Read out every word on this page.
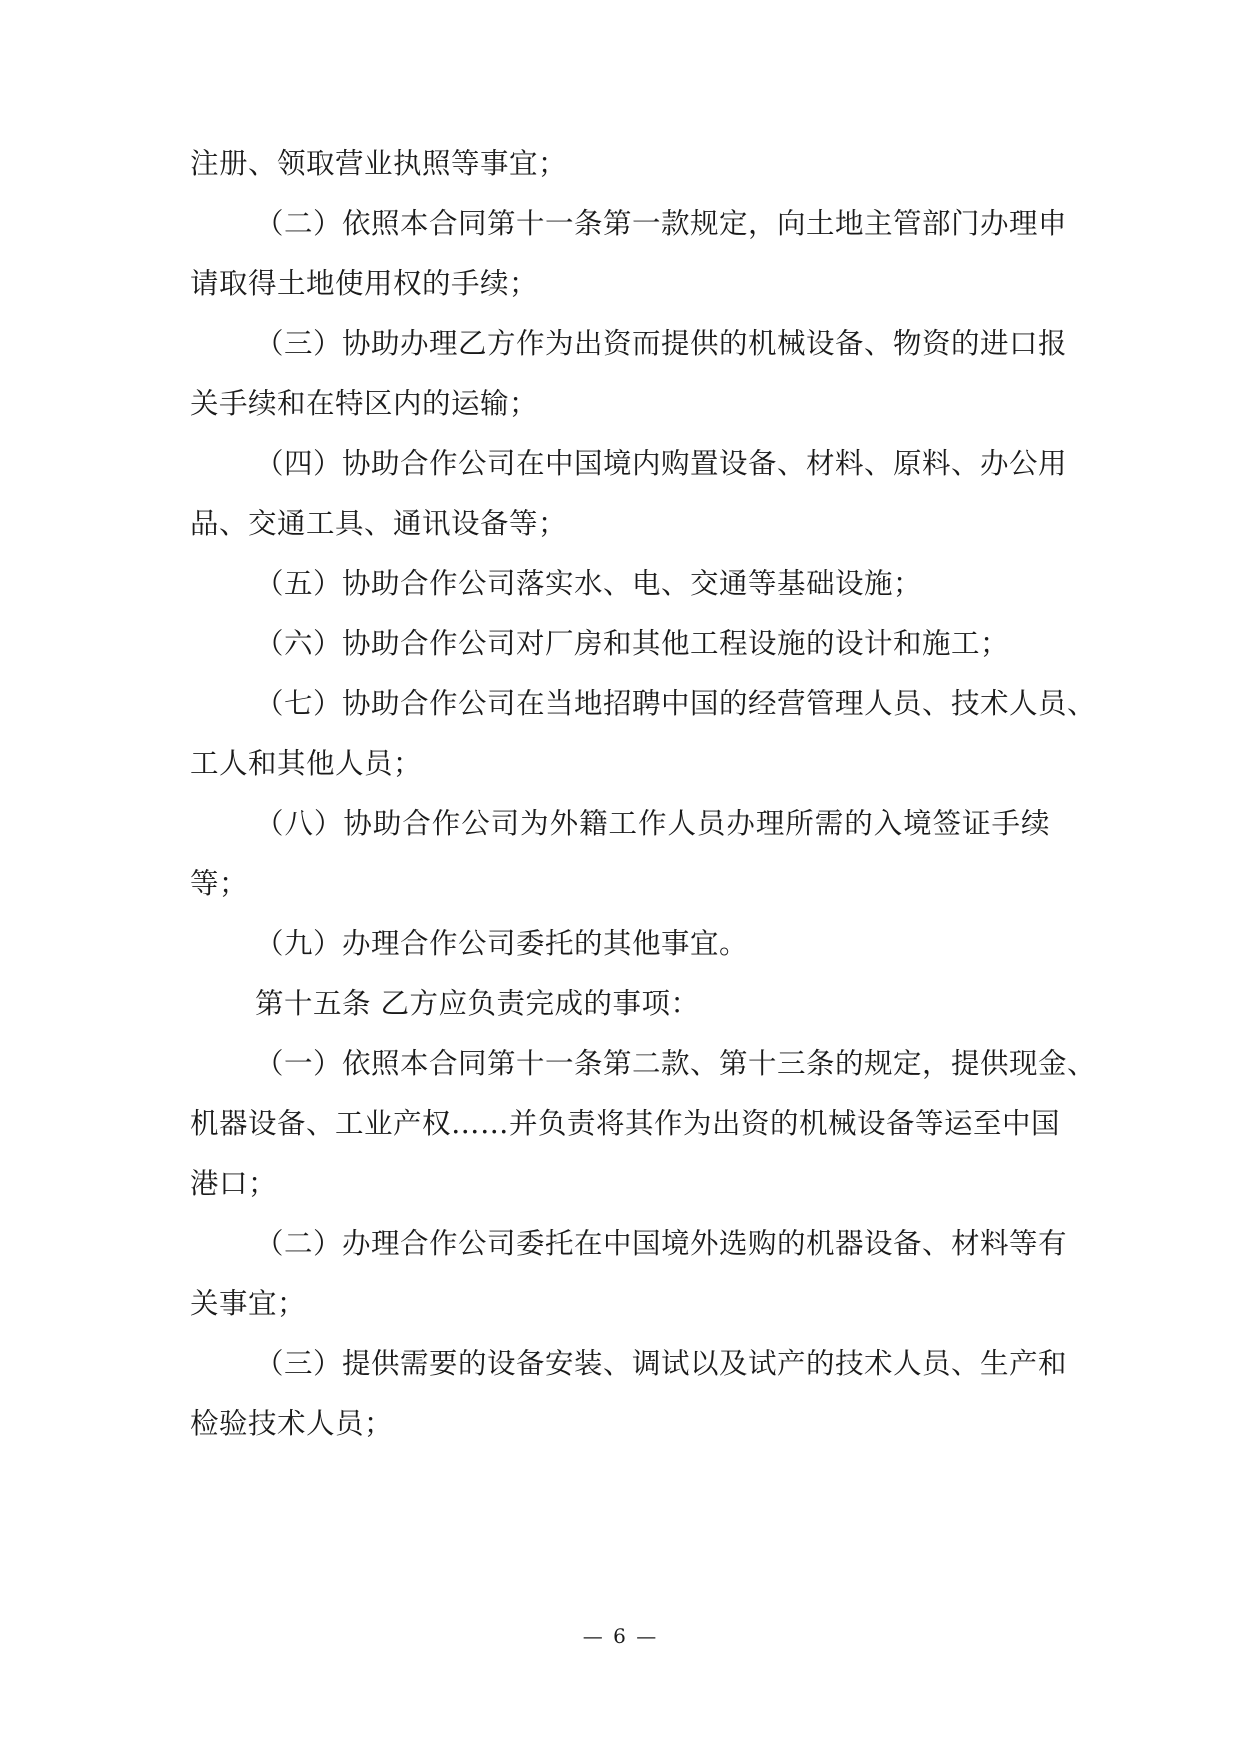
注册、领取营业执照等事宜；
（二）依照本合同第十一条第一款规定，向土地主管部门办理申
请取得土地使用权的手续；
（三）协助办理乙方作为出资而提供的机械设备、物资的进口报
关手续和在特区内的运输；
（四）协助合作公司在中国境内购置设备、材料、原料、办公用
品、交通工具、通讯设备等；
（五）协助合作公司落实水、电、交通等基础设施；
（六）协助合作公司对厂房和其他工程设施的设计和施工；
（七）协助合作公司在当地招聘中国的经营管理人员、技术人员、
工人和其他人员；
（八）协助合作公司为外籍工作人员办理所需的入境签证手续
等；
（九）办理合作公司委托的其他事宜。
第十五条 乙方应负责完成的事项：
（一）依照本合同第十一条第二款、第十三条的规定，提供现金、
机器设备、工业产权……并负责将其作为出资的机械设备等运至中国
港口；
（二）办理合作公司委托在中国境外选购的机器设备、材料等有
关事宜；
（三）提供需要的设备安装、调试以及试产的技术人员、生产和
检验技术人员；
— 6 —
